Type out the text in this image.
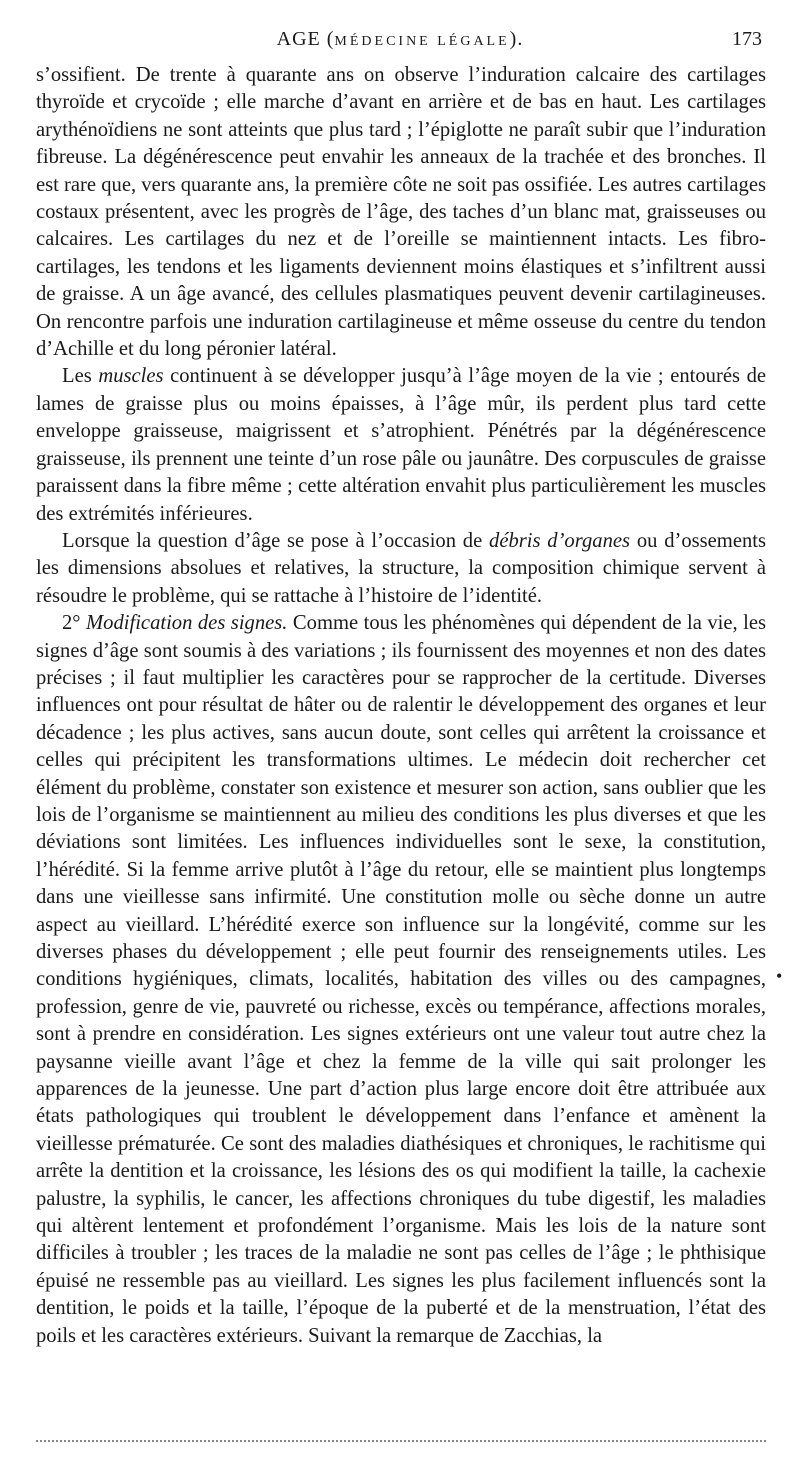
AGE (MÉDECINE LÉGALE).	173

s’ossifient. De trente à quarante ans on observe l’induration calcaire des cartilages thyroïde et crycoïde ; elle marche d’avant en arrière et de bas en haut. Les cartilages arythénoïdiens ne sont atteints que plus tard ; l’épiglotte ne paraît subir que l’induration fibreuse. La dégénérescence peut envahir les anneaux de la trachée et des bronches. Il est rare que, vers quarante ans, la première côte ne soit pas ossifiée. Les autres cartilages costaux présentent, avec les progrès de l’âge, des taches d’un blanc mat, graisseuses ou calcaires. Les cartilages du nez et de l’oreille se maintiennent intacts. Les fibro-cartilages, les tendons et les ligaments deviennent moins élastiques et s’infiltrent aussi de graisse. A un âge avancé, des cellules plasmatiques peuvent devenir cartilagineuses. On rencontre parfois une induration cartilagineuse et même osseuse du centre du tendon d’Achille et du long péronier latéral.

Les muscles continuent à se développer jusqu’à l’âge moyen de la vie ; entourés de lames de graisse plus ou moins épaisses, à l’âge mûr, ils perdent plus tard cette enveloppe graisseuse, maigrissent et s’atrophient. Pénétrés par la dégénérescence graisseuse, ils prennent une teinte d’un rose pâle ou jaunâtre. Des corpuscules de graisse paraissent dans la fibre même ; cette altération envahit plus particulièrement les muscles des extrémités inférieures.

Lorsque la question d’âge se pose à l’occasion de débris d’organes ou d’ossements les dimensions absolues et relatives, la structure, la composition chimique servent à résoudre le problème, qui se rattache à l’histoire de l’identité.

2° Modification des signes. Comme tous les phénomènes qui dépendent de la vie, les signes d’âge sont soumis à des variations ; ils fournissent des moyennes et non des dates précises ; il faut multiplier les caractères pour se rapprocher de la certitude. Diverses influences ont pour résultat de hâter ou de ralentir le développement des organes et leur décadence ; les plus actives, sans aucun doute, sont celles qui arrêtent la croissance et celles qui précipitent les transformations ultimes. Le médecin doit rechercher cet élément du problème, constater son existence et mesurer son action, sans oublier que les lois de l’organisme se maintiennent au milieu des conditions les plus diverses et que les déviations sont limitées. Les influences individuelles sont le sexe, la constitution, l’hérédité. Si la femme arrive plutôt à l’âge du retour, elle se maintient plus longtemps dans une vieillesse sans infirmité. Une constitution molle ou sèche donne un autre aspect au vieillard. L’hérédité exerce son influence sur la longévité, comme sur les diverses phases du développement ; elle peut fournir des renseignements utiles. Les conditions hygiéniques, climats, localités, habitation des villes ou des campagnes, profession, genre de vie, pauvreté ou richesse, excès ou tempérance, affections morales, sont à prendre en considération. Les signes extérieurs ont une valeur tout autre chez la paysanne vieille avant l’âge et chez la femme de la ville qui sait prolonger les apparences de la jeunesse. Une part d’action plus large encore doit être attribuée aux états pathologiques qui troublent le développement dans l’enfance et amènent la vieillesse prématurée. Ce sont des maladies diathésiques et chroniques, le rachitisme qui arrête la dentition et la croissance, les lésions des os qui modifient la taille, la cachexie palustre, la syphilis, le cancer, les affections chroniques du tube digestif, les maladies qui altèrent lentement et profondément l’organisme. Mais les lois de la nature sont difficiles à troubler ; les traces de la maladie ne sont pas celles de l’âge ; le phthisique épuisé ne ressemble pas au vieillard. Les signes les plus facilement influencés sont la dentition, le poids et la taille, l’époque de la puberté et de la menstruation, l’état des poils et les caractères extérieurs. Suivant la remarque de Zacchias, la

•
